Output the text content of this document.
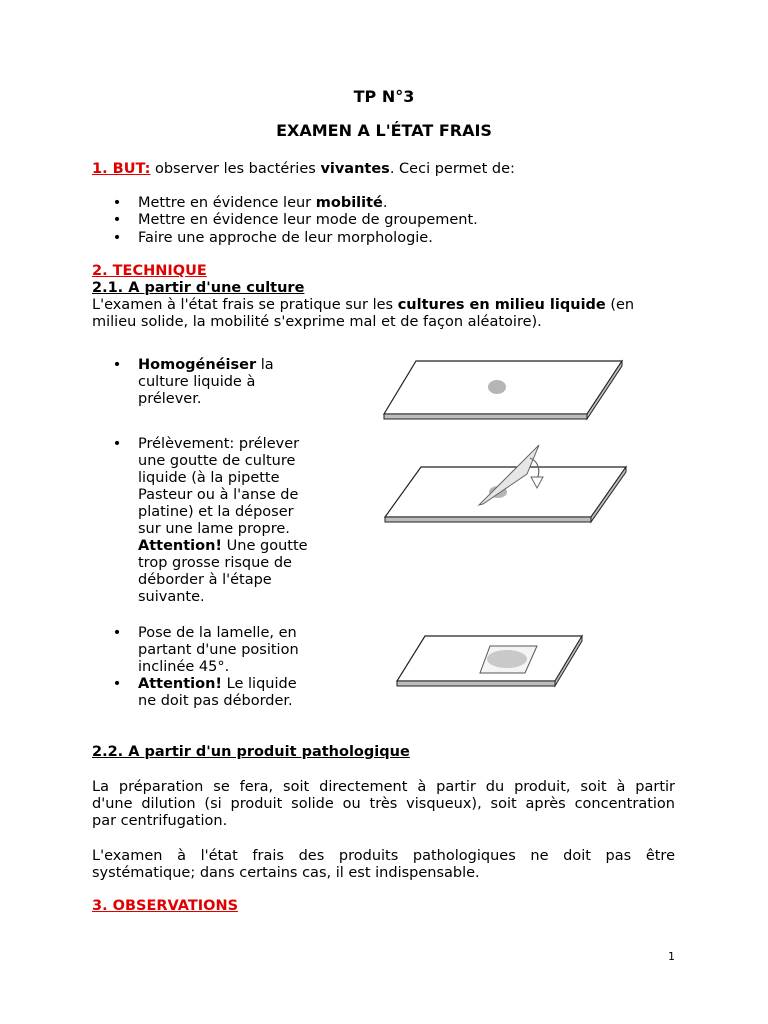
TP N°3
EXAMEN A L'ÉTAT FRAIS
1. BUT: observer les bactéries vivantes. Ceci permet de:
• Mettre en évidence leur mobilité.
• Mettre en évidence leur mode de groupement.
• Faire une approche de leur morphologie.
2. TECHNIQUE
2.1. A partir d'une culture
L'examen à l'état frais se pratique sur les cultures en milieu liquide (en
milieu solide, la mobilité s'exprime mal et de façon aléatoire).
• Homogénéiser la
culture liquide à
prélever.
• Prélèvement: prélever
une goutte de culture
liquide (à la pipette
Pasteur ou à l'anse de
platine) et la déposer
sur une lame propre.
Attention! Une goutte
trop grosse risque de
déborder à l'étape
suivante.
• Pose de la lamelle, en
partant d'une position
inclinée 45°.
• Attention! Le liquide
ne doit pas déborder.
2.2. A partir d'un produit pathologique
La préparation se fera, soit directement à partir du produit, soit à partir
d'une dilution (si produit solide ou très visqueux), soit après concentration
par centrifugation.
L'examen à l'état frais des produits pathologiques ne doit pas être
systématique; dans certains cas, il est indispensable.
3. OBSERVATIONS
1
